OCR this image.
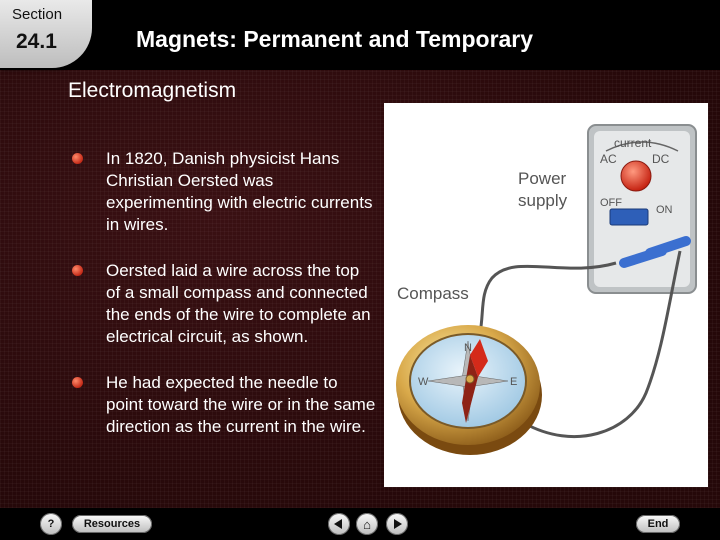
Section
24.1	Magnets: Permanent and Temporary
Electromagnetism
In 1820, Danish physicist Hans Christian Oersted was experimenting with electric currents in wires.
Oersted laid a wire across the top of a small compass and connected the ends of the wire to complete an electrical circuit, as shown.
He had expected the needle to point toward the wire or in the same direction as the current in the wire.
current
AC	DC
OFF
ON
Power
supply
Compass
N
E
W
?	Resources	⌂	End
